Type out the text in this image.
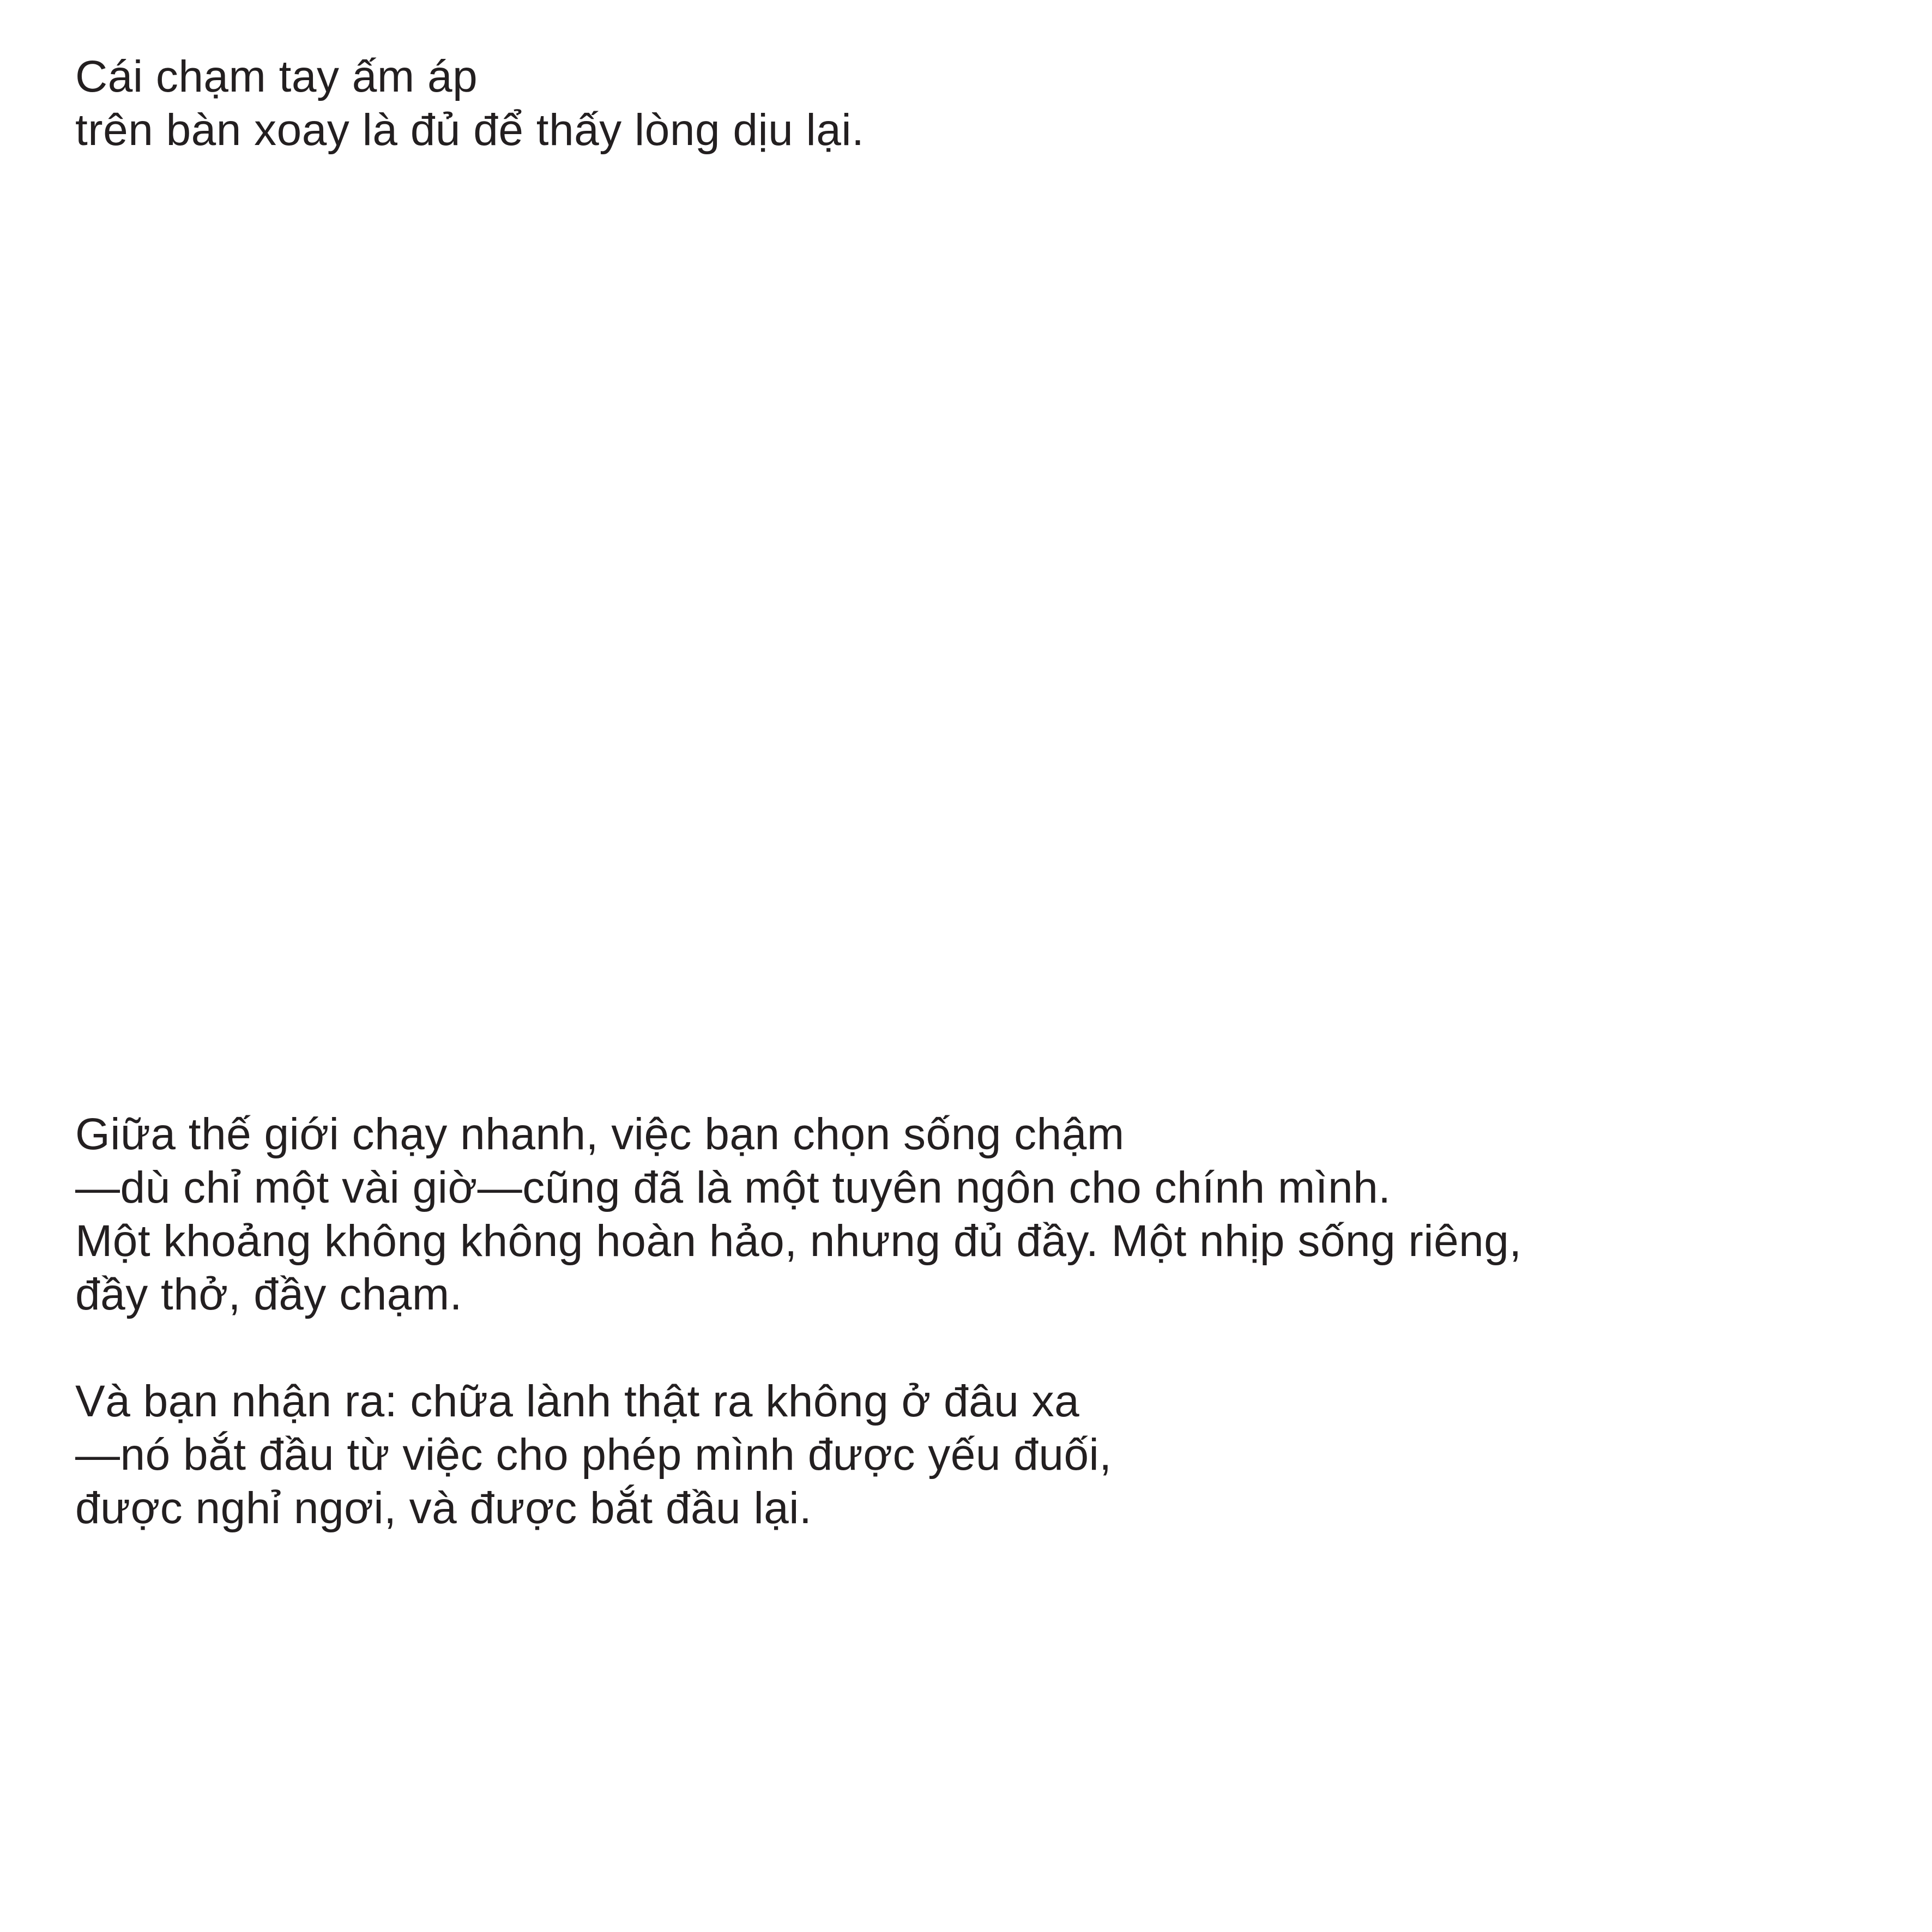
Cái chạm tay ấm áp
trên bàn xoay là đủ để thấy lòng dịu lại.
Giữa thế giới chạy nhanh, việc bạn chọn sống chậm
—dù chỉ một vài giờ—cũng đã là một tuyên ngôn cho chính mình.
Một khoảng không không hoàn hảo, nhưng đủ đầy. Một nhịp sống riêng,
đầy thở, đầy chạm.
Và bạn nhận ra: chữa lành thật ra không ở đâu xa
—nó bắt đầu từ việc cho phép mình được yếu đuối,
được nghỉ ngơi, và được bắt đầu lại.
